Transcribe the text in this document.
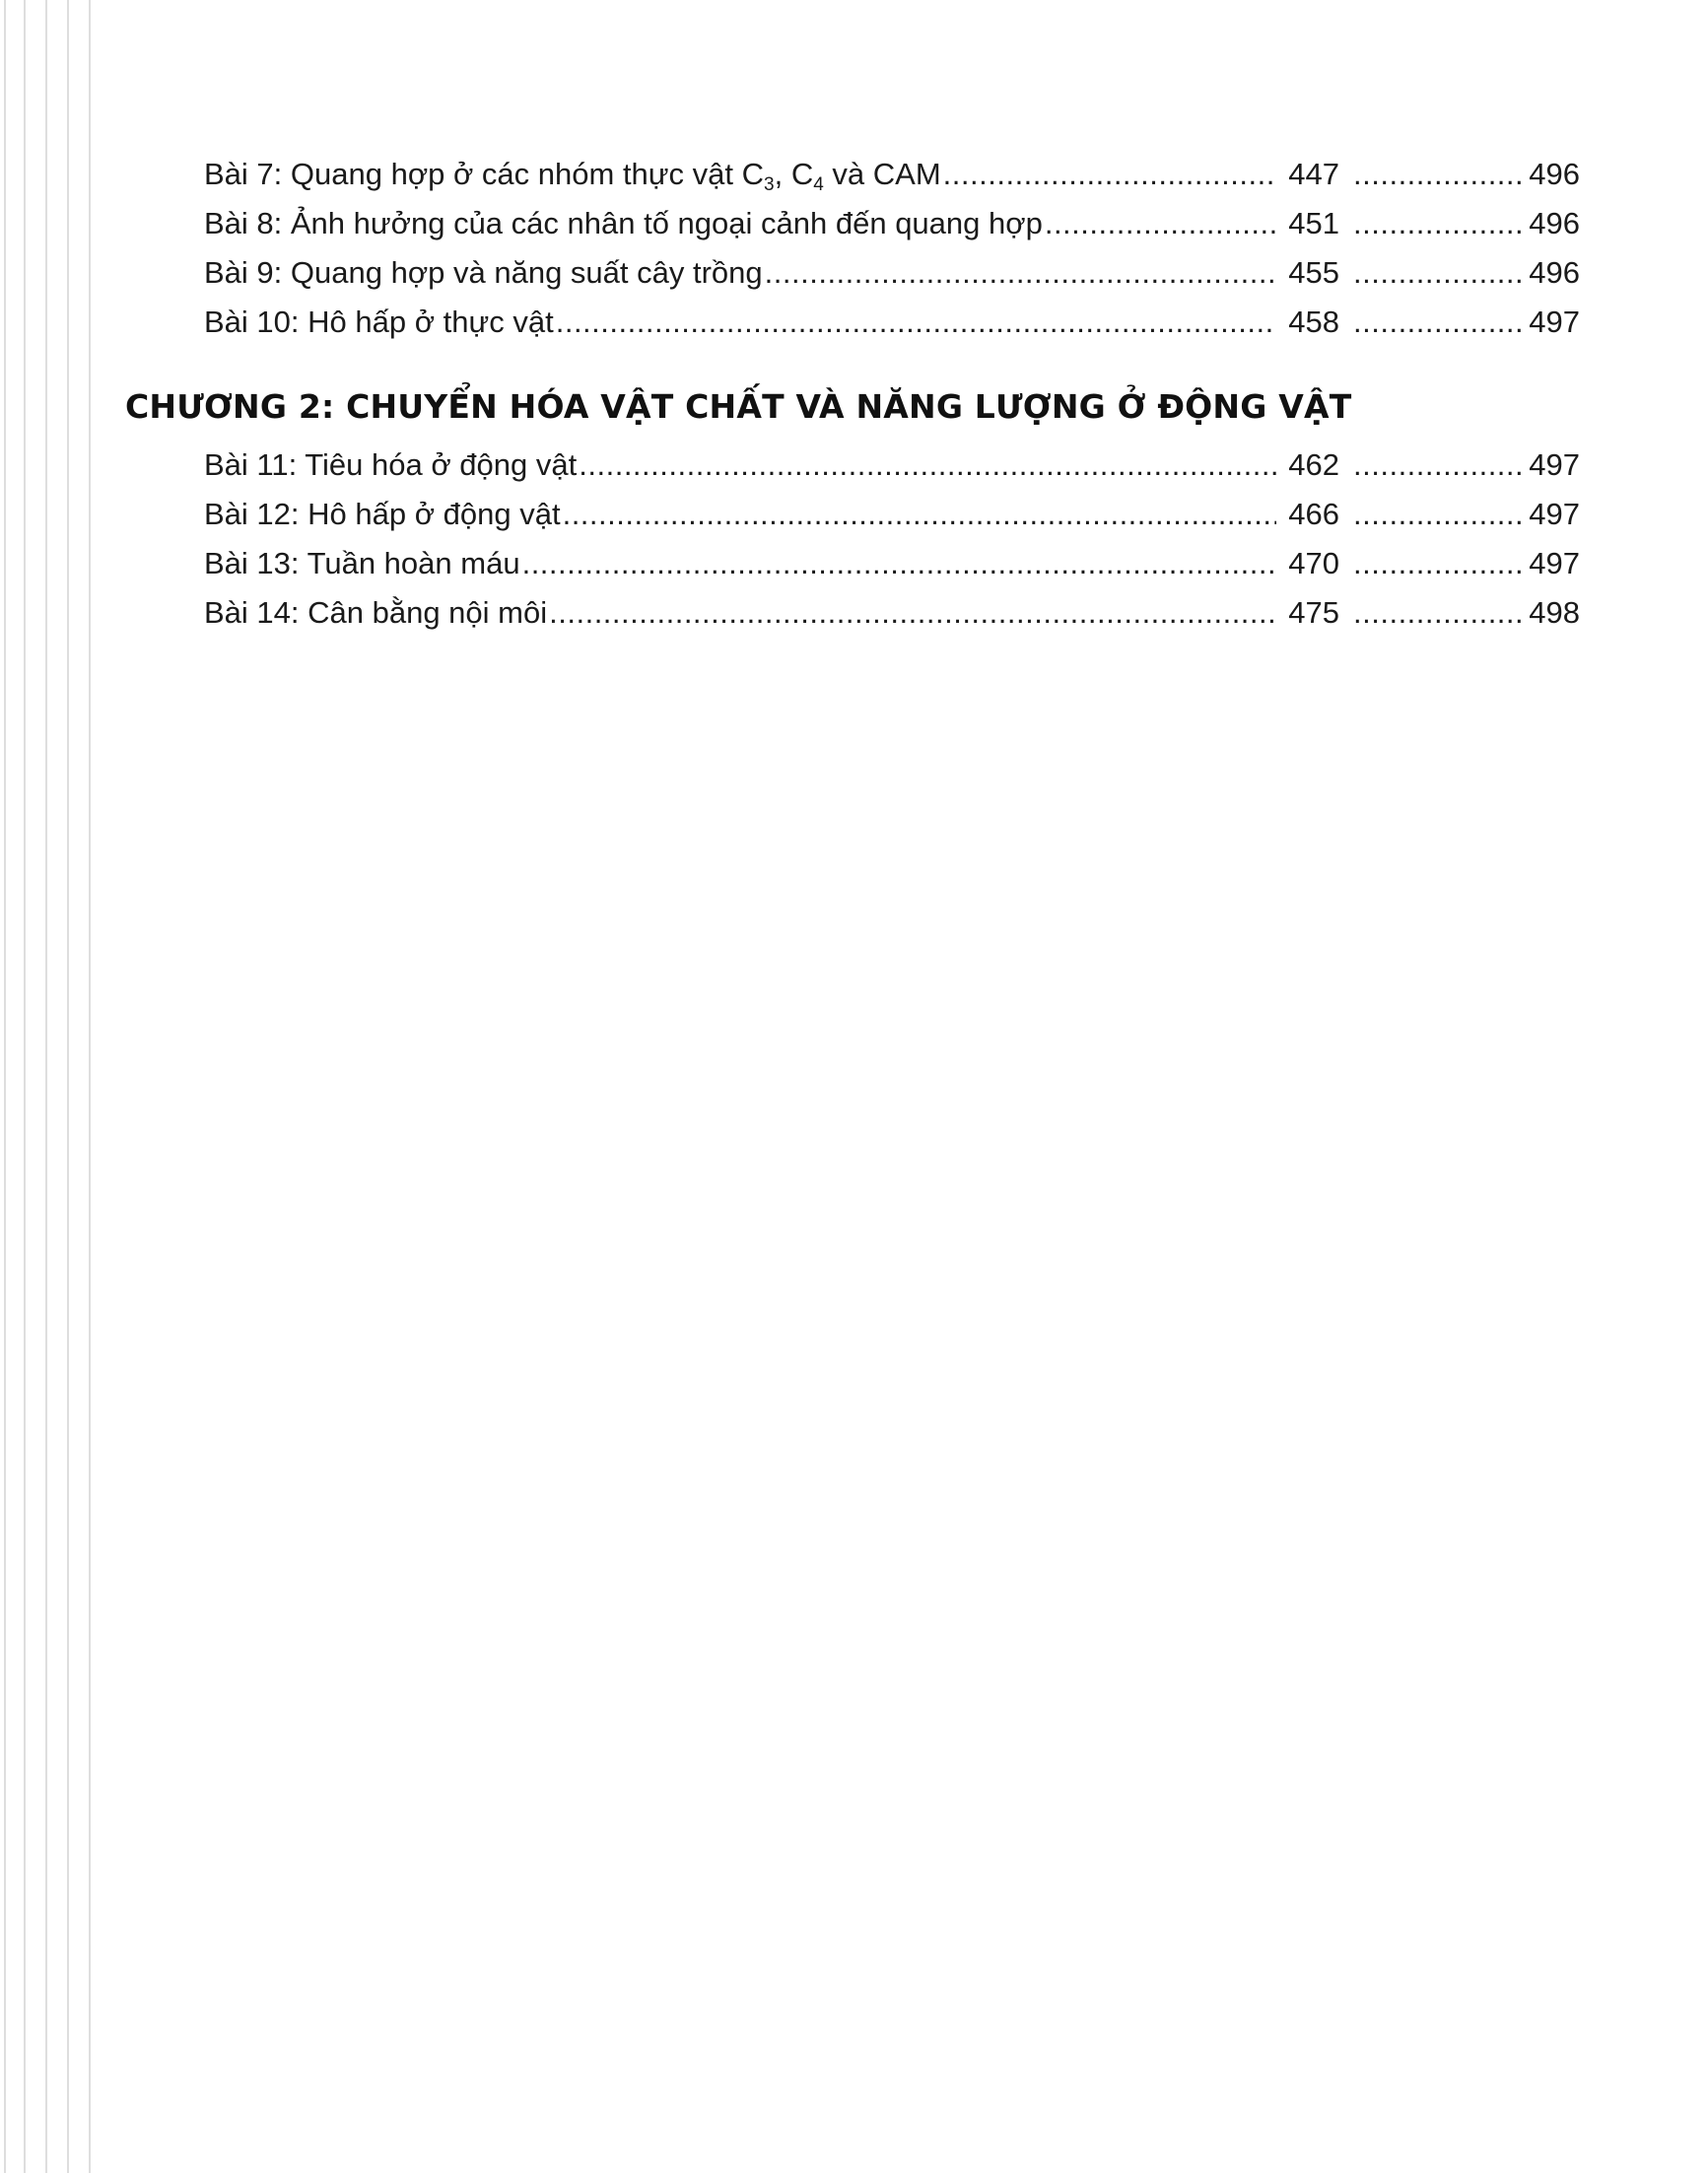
Bài 7: Quang hợp ở các nhóm thực vật $C_3$, $C_4$ và CAM .....	447 .....	496
Bài 8: Ảnh hưởng của các nhân tố ngoại cảnh đến quang hợp .....	451 .....	496
Bài 9: Quang hợp và năng suất cây trồng .....	455 .....	496
Bài 10: Hô hấp ở thực vật .....	458 .....	497
CHƯƠNG 2: CHUYỂN HÓA VẬT CHẤT VÀ NĂNG LƯỢNG Ở ĐỘNG VẬT
Bài 11: Tiêu hóa ở động vật .....	462 .....	497
Bài 12: Hô hấp ở động vật .....	466 .....	497
Bài 13: Tuần hoàn máu .....	470 .....	497
Bài 14: Cân bằng nội môi .....	475 .....	498
